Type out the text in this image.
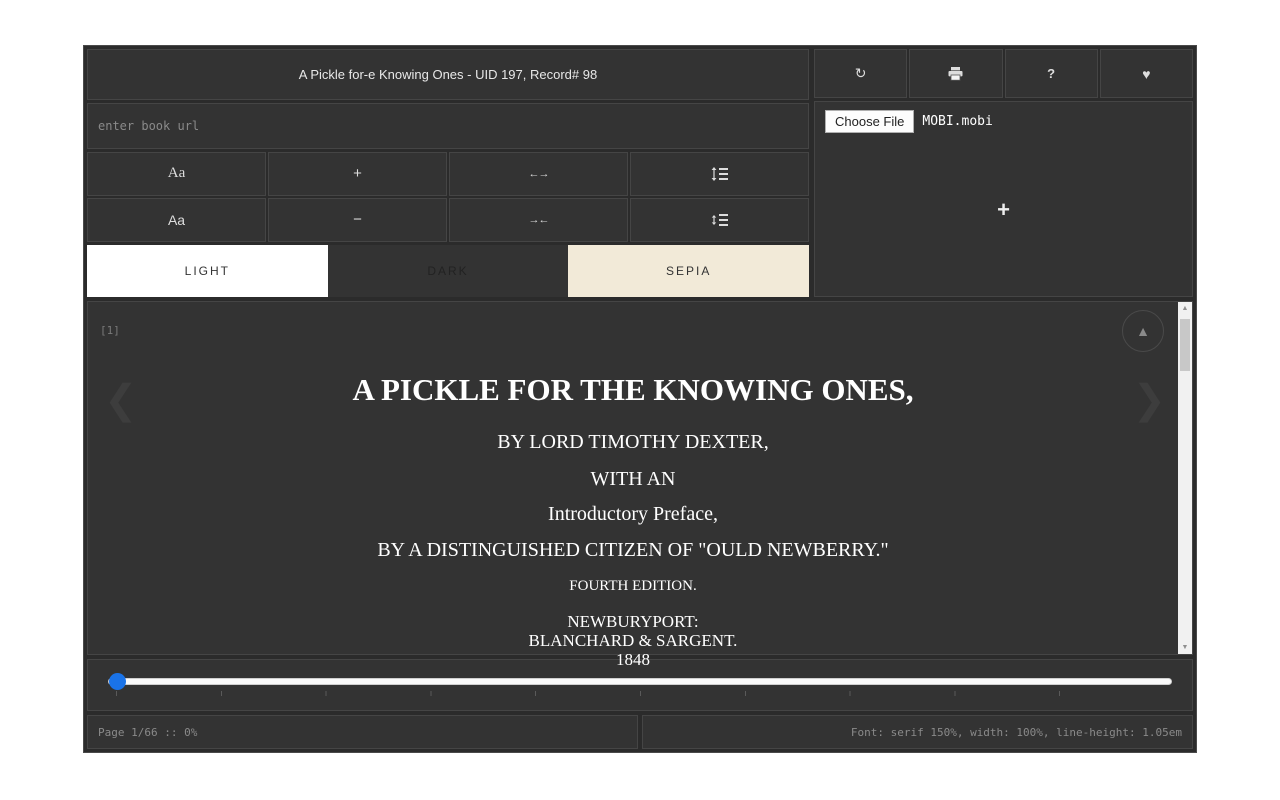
A Pickle for-e Knowing Ones - UID 197, Record# 98
enter book url
Aa	+	←→
Aa	−	→←
LIGHT	DARK	SEPIA
↻	?	♥
Choose File	MOBI.mobi
+
[1]
A PICKLE FOR THE KNOWING ONES,
BY LORD TIMOTHY DEXTER,
WITH AN
Introductory Preface,
BY A DISTINGUISHED CITIZEN OF "OULD NEWBERRY."
FOURTH EDITION.
NEWBURYPORT:
BLANCHARD & SARGENT.
1848
❮	❯
▲
▲
▼
Page 1/66 :: 0%	Font: serif 150%, width: 100%, line-height: 1.05em
